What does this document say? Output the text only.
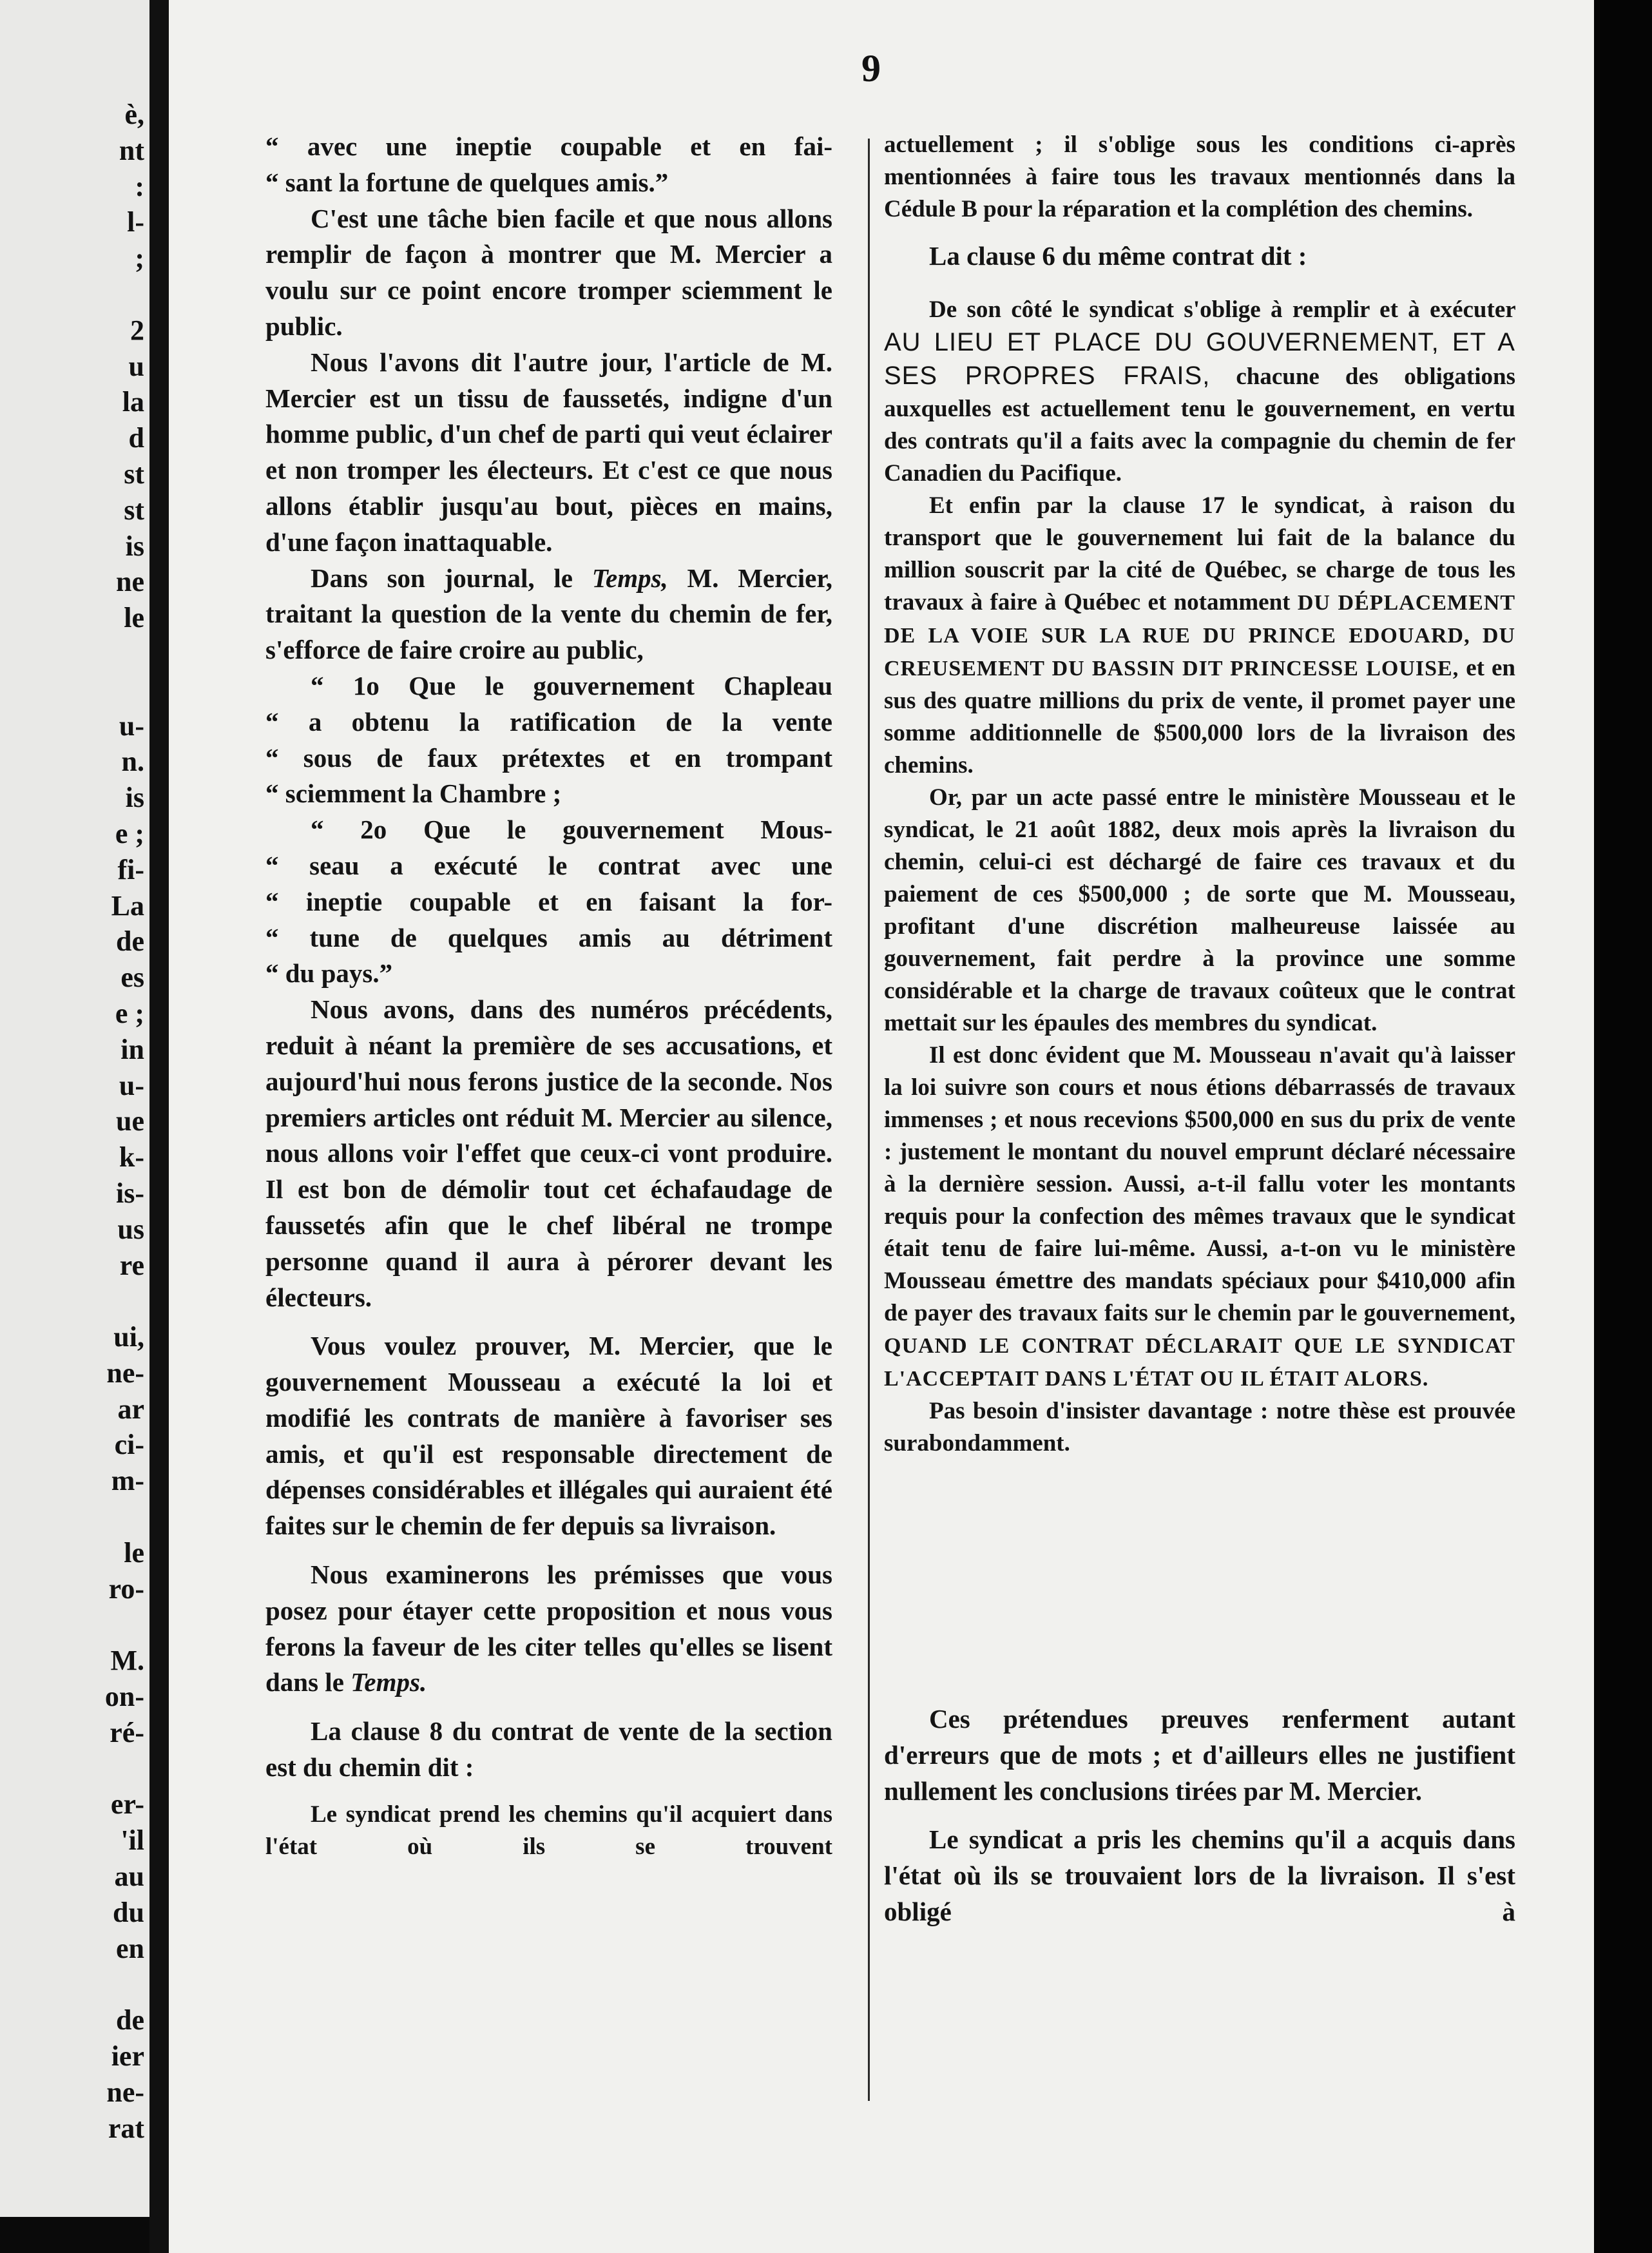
è,
nt
:
l-
;
2
u
la
d
st
st
is
ne
le
u-
n.
is
e ;
fi-
La
de
es
e ;
in
u-
ue
k-
is-
us
re
ui,
ne-
ar
ci-
m-
le
ro-
M.
on-
ré-
er-
'il
au
du
en
de
ier
ne-
rat
9
“ avec une ineptie coupable et en fai-
“ sant la fortune de quelques amis.”

C'est une tâche bien facile et que nous allons remplir de façon à montrer que M. Mercier a voulu sur ce point encore tromper sciemment le public.

Nous l'avons dit l'autre jour, l'article de M. Mercier est un tissu de faussetés, indigne d'un homme public, d'un chef de parti qui veut éclairer et non tromper les électeurs. Et c'est ce que nous allons établir jusqu'au bout, pièces en mains, d'une façon inattaquable.

Dans son journal, le Temps, M. Mercier, traitant la question de la vente du chemin de fer, s'efforce de faire croire au public,

“ 1o Que le gouvernement Chapleau
“ a obtenu la ratification de la vente
“ sous de faux prétextes et en trompant
“ sciemment la Chambre ;
“ 2o Que le gouvernement Mous-
“ seau a exécuté le contrat avec une
“ ineptie coupable et en faisant la for-
“ tune de quelques amis au détriment
“ du pays.”

Nous avons, dans des numéros précédents, reduit à néant la première de ses accusations, et aujourd'hui nous ferons justice de la seconde. Nos premiers articles ont réduit M. Mercier au silence, nous allons voir l'effet que ceux-ci vont produire. Il est bon de démolir tout cet échafaudage de faussetés afin que le chef libéral ne trompe personne quand il aura à pérorer devant les électeurs.

Vous voulez prouver, M. Mercier, que le gouvernement Mousseau a exécuté la loi et modifié les contrats de manière à favoriser ses amis, et qu'il est responsable directement de dépenses considérables et illégales qui auraient été faites sur le chemin de fer depuis sa livraison.

Nous examinerons les prémisses que vous posez pour étayer cette proposition et nous vous ferons la faveur de les citer telles qu'elles se lisent dans le Temps.

La clause 8 du contrat de vente de la section est du chemin dit :

Le syndicat prend les chemins qu'il acquiert dans l'état où ils se trouvent

actuellement ; il s'oblige sous les conditions ci-après mentionnées à faire tous les travaux mentionnés dans la Cédule B pour la réparation et la complétion des chemins.

La clause 6 du même contrat dit :

De son côté le syndicat s'oblige à remplir et à exécuter AU LIEU ET PLACE DU GOUVERNEMENT, ET A SES PROPRES FRAIS, chacune des obligations auxquelles est actuellement tenu le gouvernement, en vertu des contrats qu'il a faits avec la compagnie du chemin de fer Canadien du Pacifique.

Et enfin par la clause 17 le syndicat, à raison du transport que le gouvernement lui fait de la balance du million souscrit par la cité de Québec, se charge de tous les travaux à faire à Québec et notamment DU DÉPLACEMENT DE LA VOIE SUR LA RUE DU PRINCE EDOUARD, DU CREUSEMENT DU BASSIN DIT PRINCESSE LOUISE, et en sus des quatre millions du prix de vente, il promet payer une somme additionnelle de $500,000 lors de la livraison des chemins.

Or, par un acte passé entre le ministère Mousseau et le syndicat, le 21 août 1882, deux mois après la livraison du chemin, celui-ci est déchargé de faire ces travaux et du paiement de ces $500,000 ; de sorte que M. Mousseau, profitant d'une discrétion malheureuse laissée au gouvernement, fait perdre à la province une somme considérable et la charge de travaux coûteux que le contrat mettait sur les épaules des membres du syndicat.

Il est donc évident que M. Mousseau n'avait qu'à laisser la loi suivre son cours et nous étions débarrassés de travaux immenses ; et nous recevions $500,000 en sus du prix de vente : justement le montant du nouvel emprunt déclaré nécessaire à la dernière session. Aussi, a-t-il fallu voter les montants requis pour la confection des mêmes travaux que le syndicat était tenu de faire lui-même. Aussi, a-t-on vu le ministère Mousseau émettre des mandats spéciaux pour $410,000 afin de payer des travaux faits sur le chemin par le gouvernement, QUAND LE CONTRAT DÉCLARAIT QUE LE SYNDICAT L'ACCEPTAIT DANS L'ÉTAT OU IL ÉTAIT ALORS.

Pas besoin d'insister davantage : notre thèse est prouvée surabondamment.

Ces prétendues preuves renferment autant d'erreurs que de mots ; et d'ailleurs elles ne justifient nullement les conclusions tirées par M. Mercier.

Le syndicat a pris les chemins qu'il a acquis dans l'état où ils se trouvaient lors de la livraison. Il s'est obligé à
